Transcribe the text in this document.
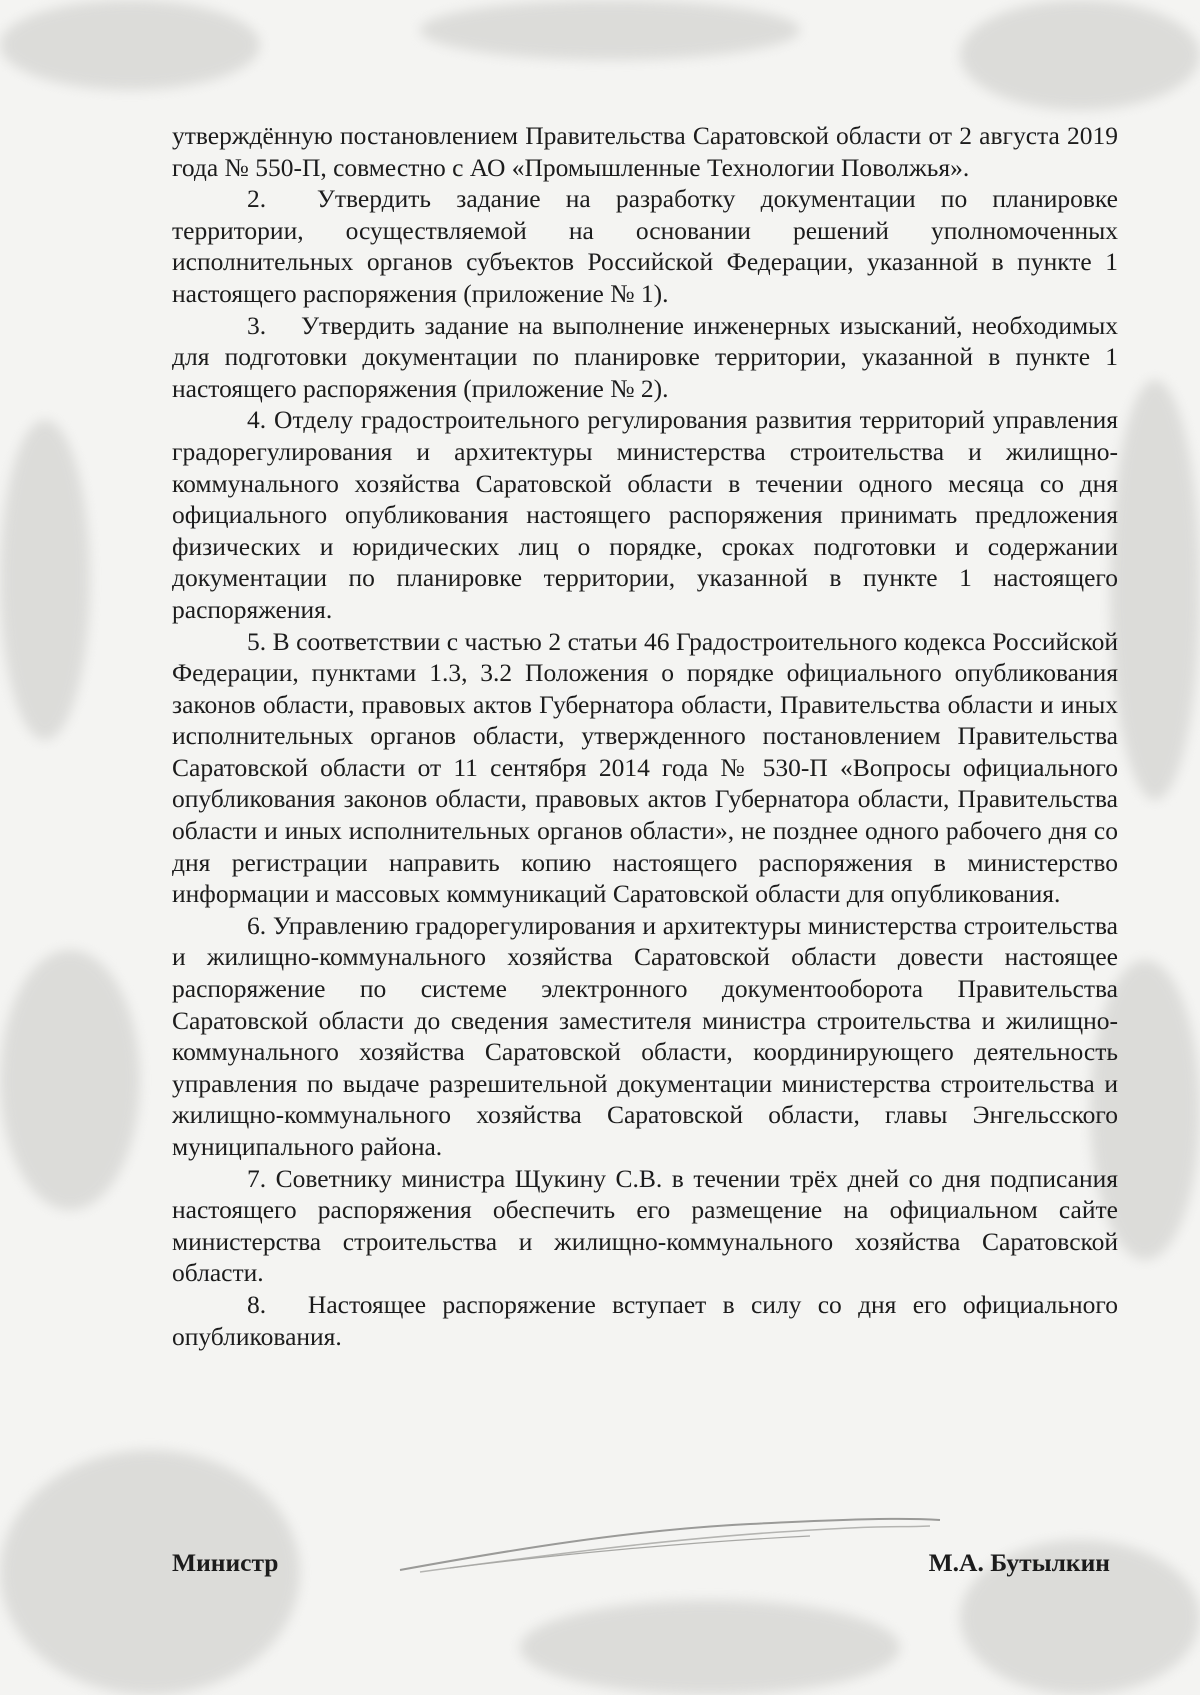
утверждённую постановлением Правительства Саратовской области от 2 августа 2019 года № 550-П, совместно с АО «Промышленные Технологии Поволжья».

2.  Утвердить задание на разработку документации по планировке территории, осуществляемой на основании решений уполномоченных исполнительных органов субъектов Российской Федерации, указанной в пункте 1 настоящего распоряжения (приложение № 1).

3.  Утвердить задание на выполнение инженерных изысканий, необходимых для подготовки документации по планировке территории, указанной в пункте 1 настоящего распоряжения (приложение № 2).

4. Отделу градостроительного регулирования развития территорий управления градорегулирования и архитектуры министерства строительства и жилищно-коммунального хозяйства Саратовской области в течении одного месяца со дня официального опубликования настоящего распоряжения принимать предложения физических и юридических лиц о порядке, сроках подготовки и содержании документации по планировке территории, указанной в пункте 1 настоящего распоряжения.

5. В соответствии с частью 2 статьи 46 Градостроительного кодекса Российской Федерации, пунктами 1.3, 3.2 Положения о порядке официального опубликования законов области, правовых актов Губернатора области, Правительства области и иных исполнительных органов области, утвержденного постановлением Правительства Саратовской области от 11 сентября 2014 года № 530-П «Вопросы официального опубликования законов области, правовых актов Губернатора области, Правительства области и иных исполнительных органов области», не позднее одного рабочего дня со дня регистрации направить копию настоящего распоряжения в министерство информации и массовых коммуникаций Саратовской области для опубликования.

6. Управлению градорегулирования и архитектуры министерства строительства и жилищно-коммунального хозяйства Саратовской области довести настоящее распоряжение по системе электронного документооборота Правительства Саратовской области до сведения заместителя министра строительства и жилищно-коммунального хозяйства Саратовской области, координирующего деятельность управления по выдаче разрешительной документации министерства строительства и жилищно-коммунального хозяйства Саратовской области, главы Энгельсского муниципального района.

7. Советнику министра Щукину С.В. в течении трёх дней со дня подписания настоящего распоряжения обеспечить его размещение на официальном сайте министерства строительства и жилищно-коммунального хозяйства Саратовской области.

8.  Настоящее распоряжение вступает в силу со дня его официального опубликования.

Министр	М.А. Бутылкин
